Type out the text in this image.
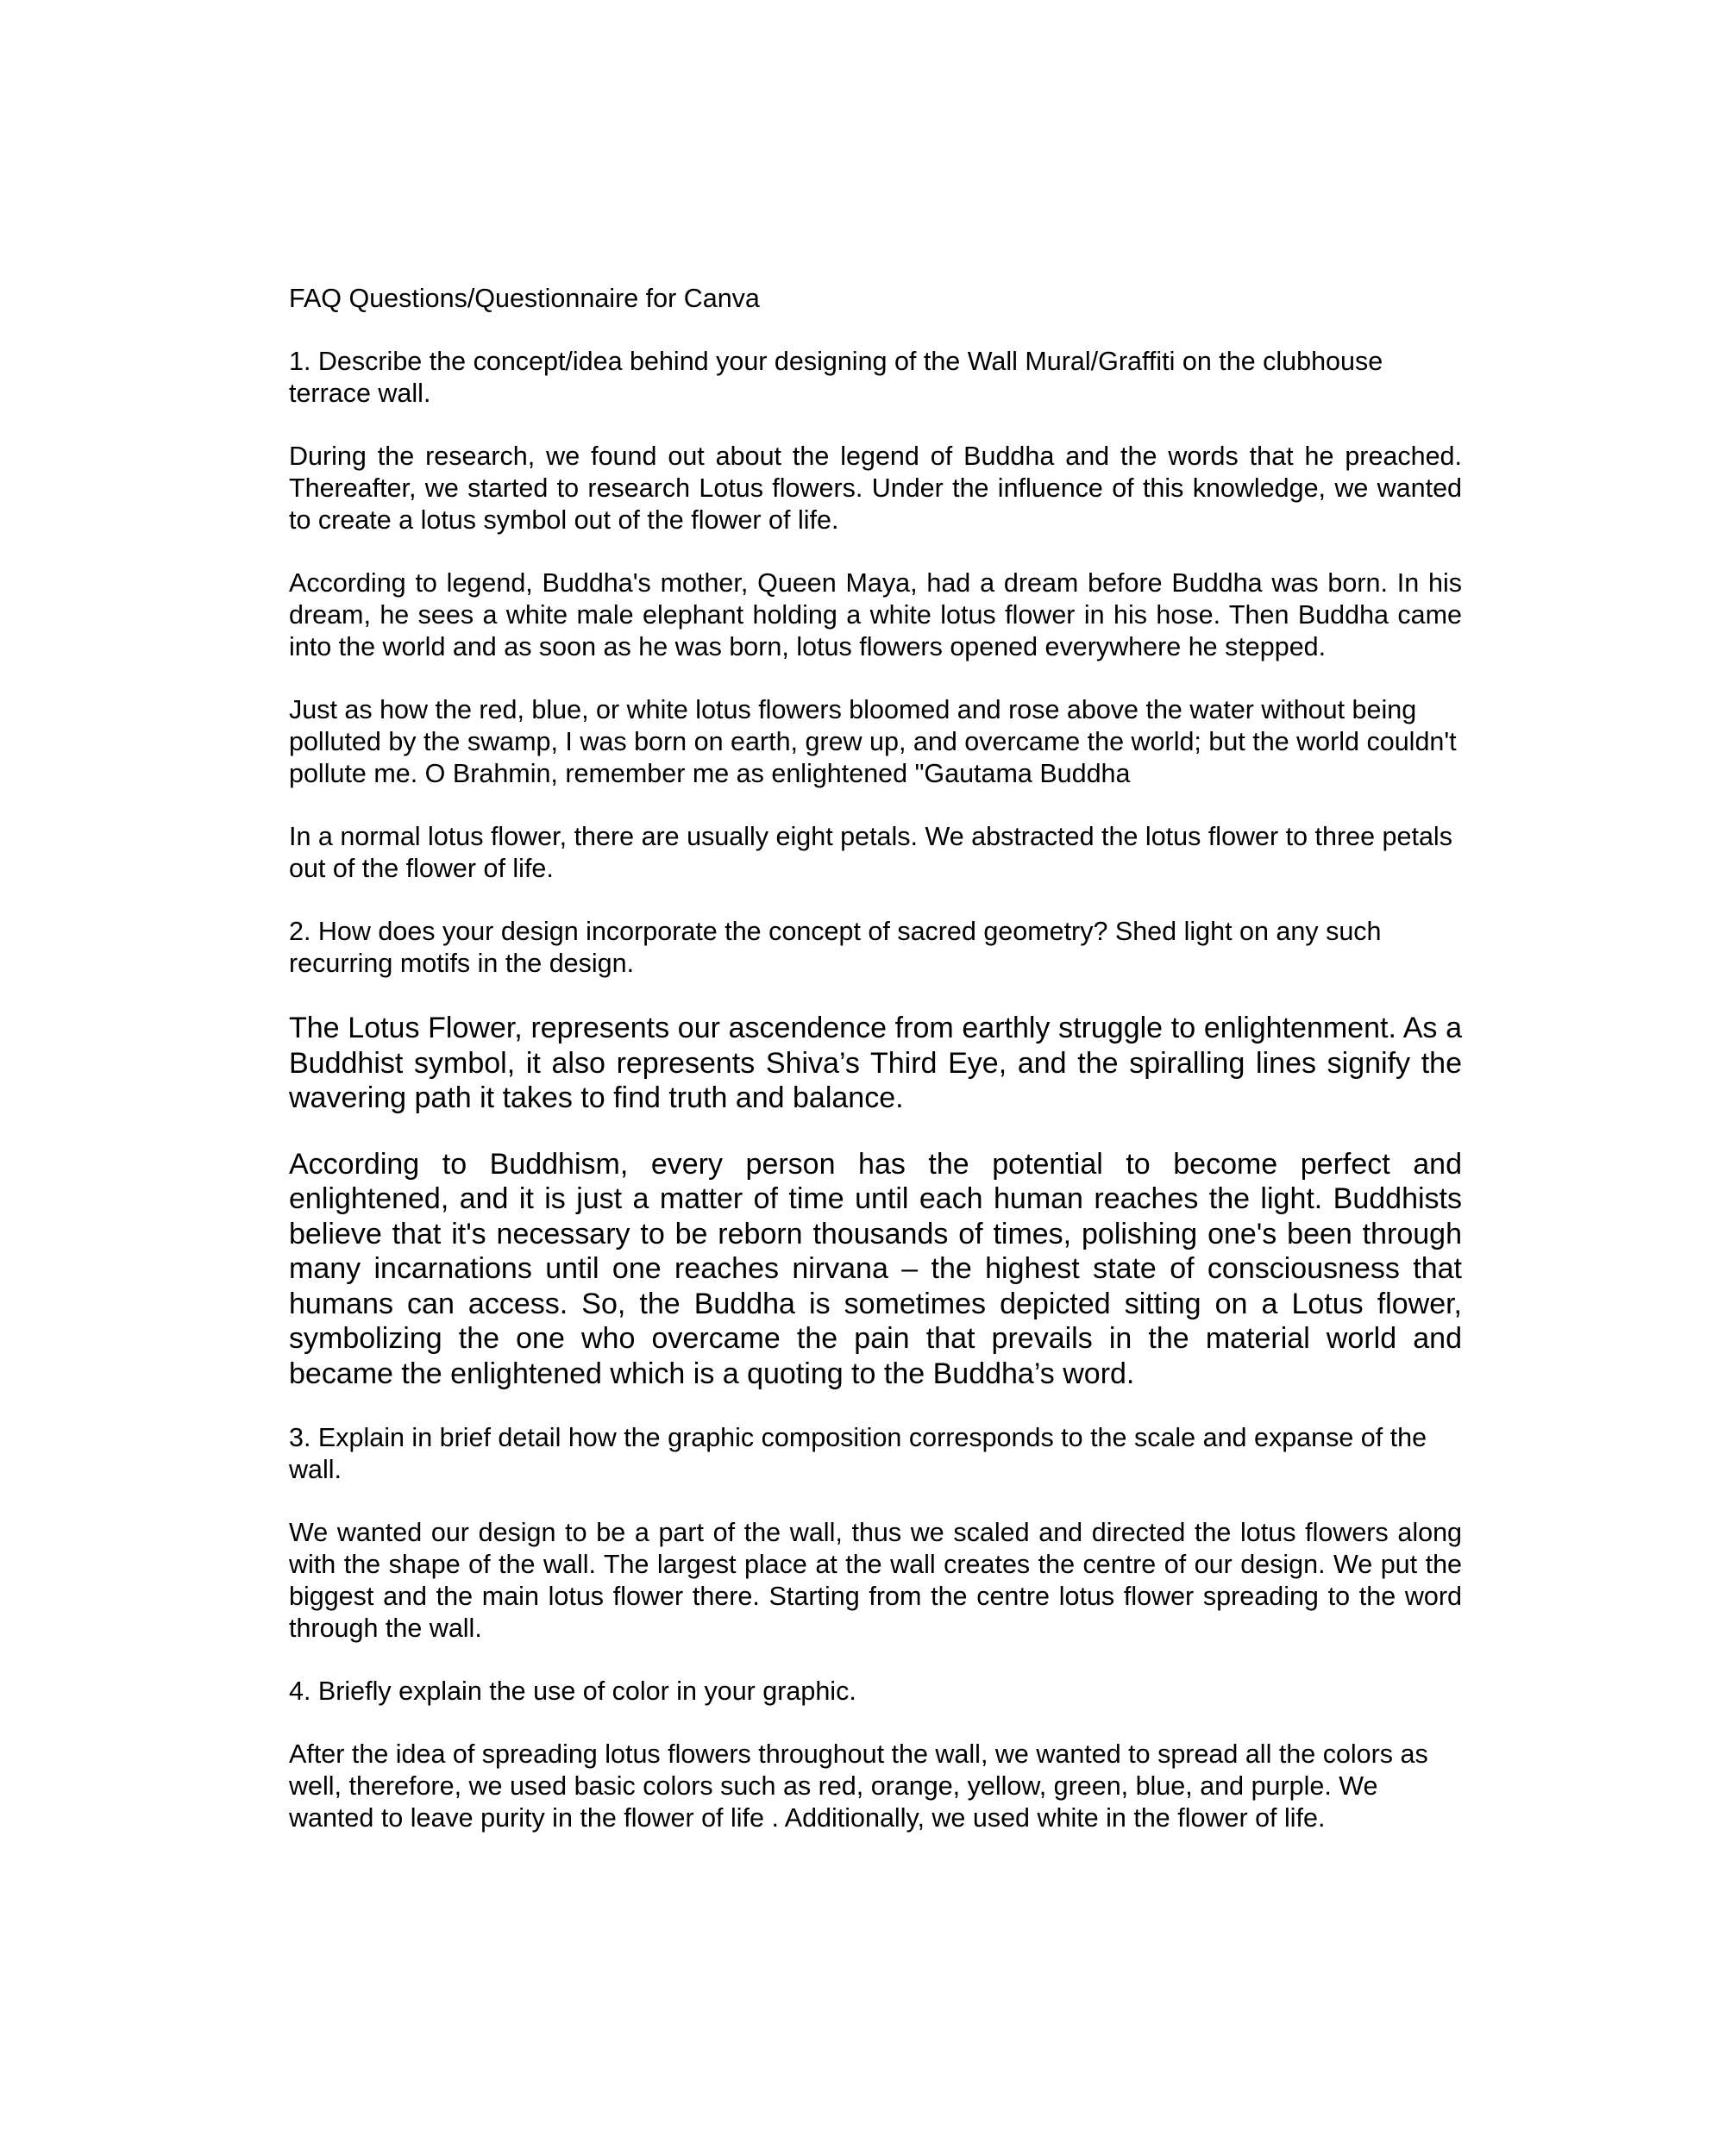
FAQ Questions/Questionnaire for Canva

1. Describe the concept/idea behind your designing of the Wall Mural/Graffiti on the clubhouse terrace wall.

During the research, we found out about the legend of Buddha and the words that he preached. Thereafter, we started to research Lotus flowers. Under the influence of this knowledge, we wanted to create a lotus symbol out of the flower of life.

According to legend, Buddha's mother, Queen Maya, had a dream before Buddha was born. In his dream, he sees a white male elephant holding a white lotus flower in his hose. Then Buddha came into the world and as soon as he was born, lotus flowers opened everywhere he stepped.

Just as how the red, blue, or white lotus flowers bloomed and rose above the water without being polluted by the swamp, I was born on earth, grew up, and overcame the world; but the world couldn't pollute me. O Brahmin, remember me as enlightened "Gautama Buddha

In a normal lotus flower, there are usually eight petals. We abstracted the lotus flower to three petals out of the flower of life.

2. How does your design incorporate the concept of sacred geometry? Shed light on any such recurring motifs in the design.

The Lotus Flower, represents our ascendence from earthly struggle to enlightenment. As a Buddhist symbol, it also represents Shiva’s Third Eye, and the spiralling lines signify the wavering path it takes to find truth and balance.

According to Buddhism, every person has the potential to become perfect and enlightened, and it is just a matter of time until each human reaches the light. Buddhists believe that it's necessary to be reborn thousands of times, polishing one's been through many incarnations until one reaches nirvana – the highest state of consciousness that humans can access. So, the Buddha is sometimes depicted sitting on a Lotus flower, symbolizing the one who overcame the pain that prevails in the material world and became the enlightened which is a quoting to the Buddha’s word.

3. Explain in brief detail how the graphic composition corresponds to the scale and expanse of the wall.

We wanted our design to be a part of the wall, thus we scaled and directed the lotus flowers along with the shape of the wall. The largest place at the wall creates the centre of our design. We put the biggest and the main lotus flower there. Starting from the centre lotus flower spreading to the word through the wall.

4. Briefly explain the use of color in your graphic.

After the idea of spreading lotus flowers throughout the wall, we wanted to spread all the colors as well, therefore, we used basic colors such as red, orange, yellow, green, blue, and purple. We wanted to leave purity in the flower of life . Additionally, we used white in the flower of life.
